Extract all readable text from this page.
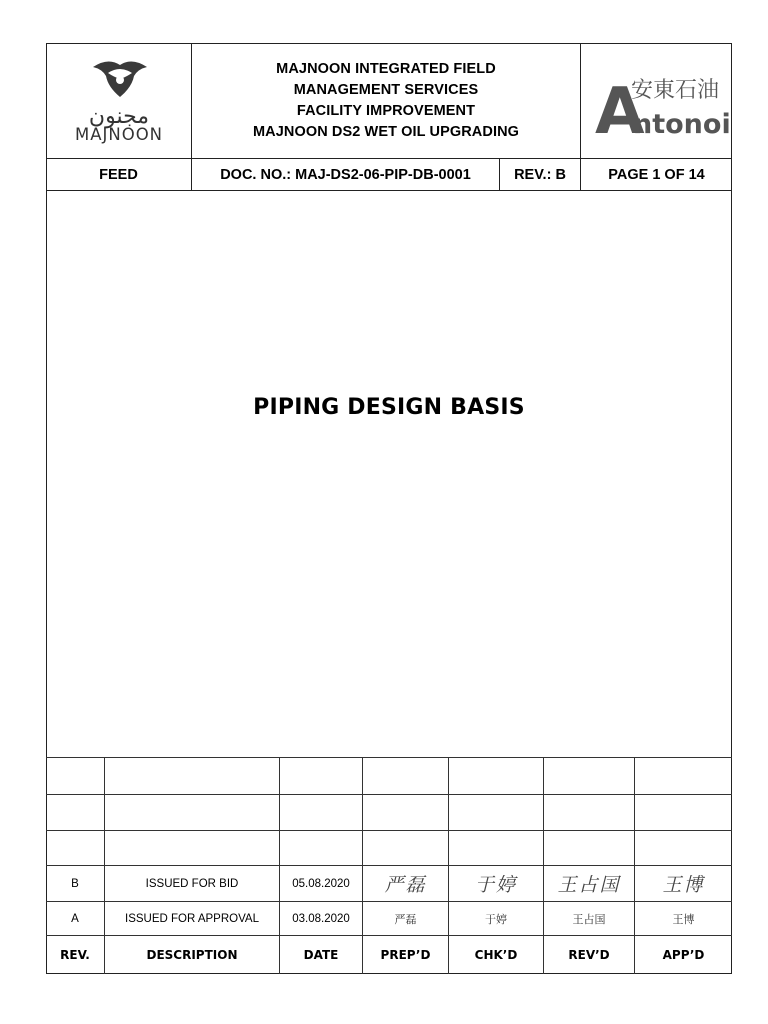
مجنون
MAJNOON
MAJNOON INTEGRATED FIELD
MANAGEMENT SERVICES
FACILITY IMPROVEMENT
MAJNOON DS2 WET OIL UPGRADING A
安東石油
ntonoil
FEED	DOC. NO.: MAJ-DS2-06-PIP-DB-0001	REV.: B	PAGE 1 OF 14
PIPING DESIGN BASIS
B	ISSUED FOR BID	05.08.2020	严磊	于婷	王占国	王博
A	ISSUED FOR APPROVAL	03.08.2020	严磊	于婷	王占国	王博
REV.	DESCRIPTION	DATE	PREP’D	CHK’D	REV’D	APP’D
